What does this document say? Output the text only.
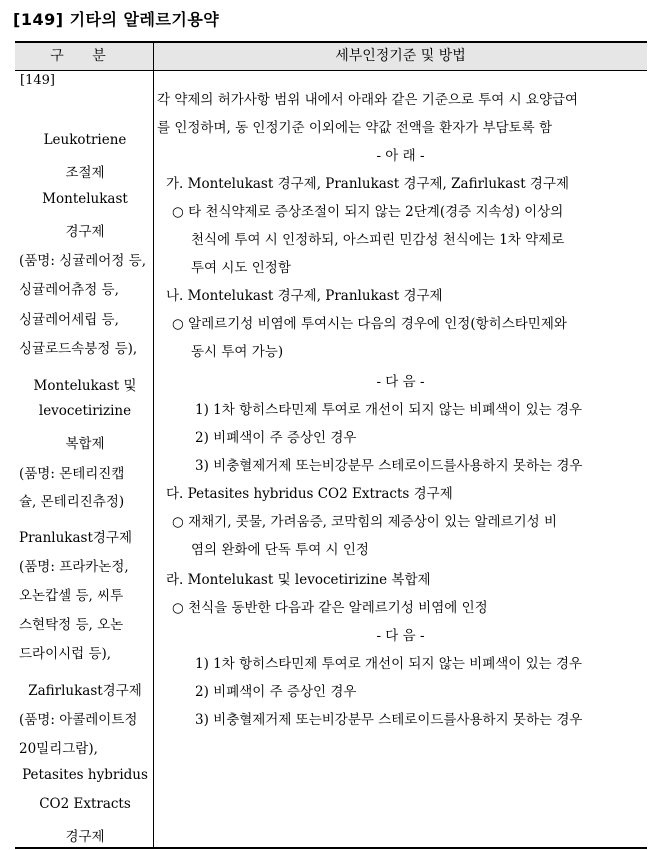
[149] 기타의 알레르기용약
구 분	세부인정기준 및 방법
[149]
Leukotriene
조절제
Montelukast
경구제
(품명: 싱귤레어정 등,
싱귤레어츄정 등,
싱귤레어세립 등,
싱귤로드속붕정 등),
Montelukast 및
levocetirizine
복합제
(품명: 몬테리진캡
슐, 몬테리진츄정)
Pranlukast경구제
(품명: 프라카논정,
오논캅셀 등, 씨투
스현탁정 등, 오논
드라이시럽 등),
Zafirlukast경구제
(품명: 아콜레이트정
20밀리그람),
Petasites hybridus
CO2 Extracts
경구제
각 약제의 허가사항 범위 내에서 아래와 같은 기준으로 투여 시 요양급여
를 인정하며, 동 인정기준 이외에는 약값 전액을 환자가 부담토록 함
- 아 래 -
가. Montelukast 경구제, Pranlukast 경구제, Zafirlukast 경구제
○ 타 천식약제로 증상조절이 되지 않는 2단계(경증 지속성) 이상의
천식에 투여 시 인정하되, 아스피린 민감성 천식에는 1차 약제로
투여 시도 인정함
나. Montelukast 경구제, Pranlukast 경구제
○ 알레르기성 비염에 투여시는 다음의 경우에 인정(항히스타민제와
동시 투여 가능)
- 다 음 -
1) 1차 항히스타민제 투여로 개선이 되지 않는 비폐색이 있는 경우
2) 비폐색이 주 증상인 경우
3) 비충혈제거제 또는비강분무 스테로이드를사용하지 못하는 경우
다. Petasites hybridus CO2 Extracts 경구제
○ 재채기, 콧물, 가려움증, 코막힘의 제증상이 있는 알레르기성 비
염의 완화에 단독 투여 시 인정
라. Montelukast 및 levocetirizine 복합제
○ 천식을 동반한 다음과 같은 알레르기성 비염에 인정
- 다 음 -
1) 1차 항히스타민제 투여로 개선이 되지 않는 비폐색이 있는 경우
2) 비폐색이 주 증상인 경우
3) 비충혈제거제 또는비강분무 스테로이드를사용하지 못하는 경우
